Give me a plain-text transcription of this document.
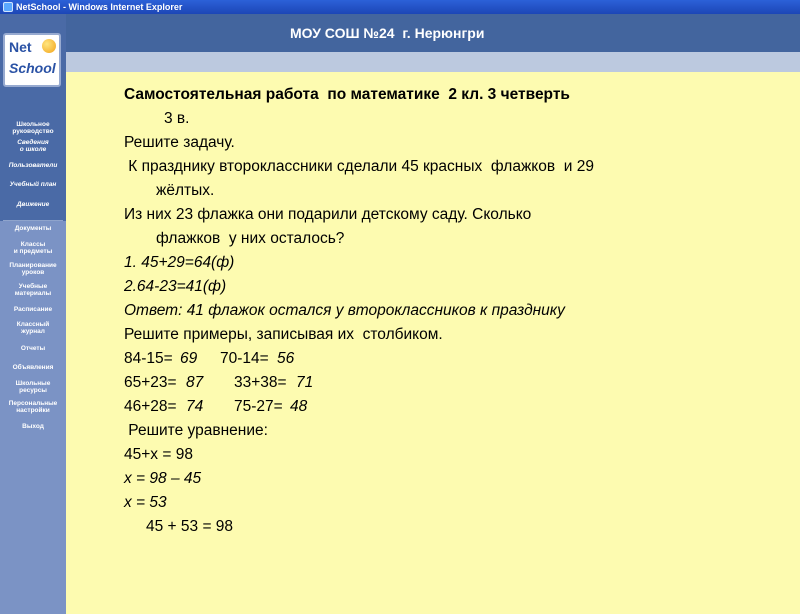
NetSchool - Windows Internet Explorer
Net
School
Школьное
руководство
Сведения
о школе
Пользователи
Учебный план
Движение
Документы
Классы
и предметы
Планирование
уроков
Учебные
материалы
Расписание
Классный
журнал
Отчеты
Объявления
Школьные
ресурсы
Персональные
настройки
Выход
МОУ СОШ №24  г. Нерюнгри
Самостоятельная работа  по математике  2 кл. 3 четверть
3 в.
Решите задачу.
К празднику второклассники сделали 45 красных  флажков  и 29
жёлтых.
Из них 23 флажка они подарили детскому саду. Сколько
флажков  у них осталось?
1. 45+29=64(ф)
2.64-23=41(ф)
Ответ: 41 флажок остался у второклассников к празднику
Решите примеры, записывая их  столбиком.
84-15= 69 70-14= 56
65+23= 87 33+38= 71
46+28= 74 75-27= 48
Решите уравнение:
45+х = 98
х = 98 – 45
х = 53
45 + 53 = 98
